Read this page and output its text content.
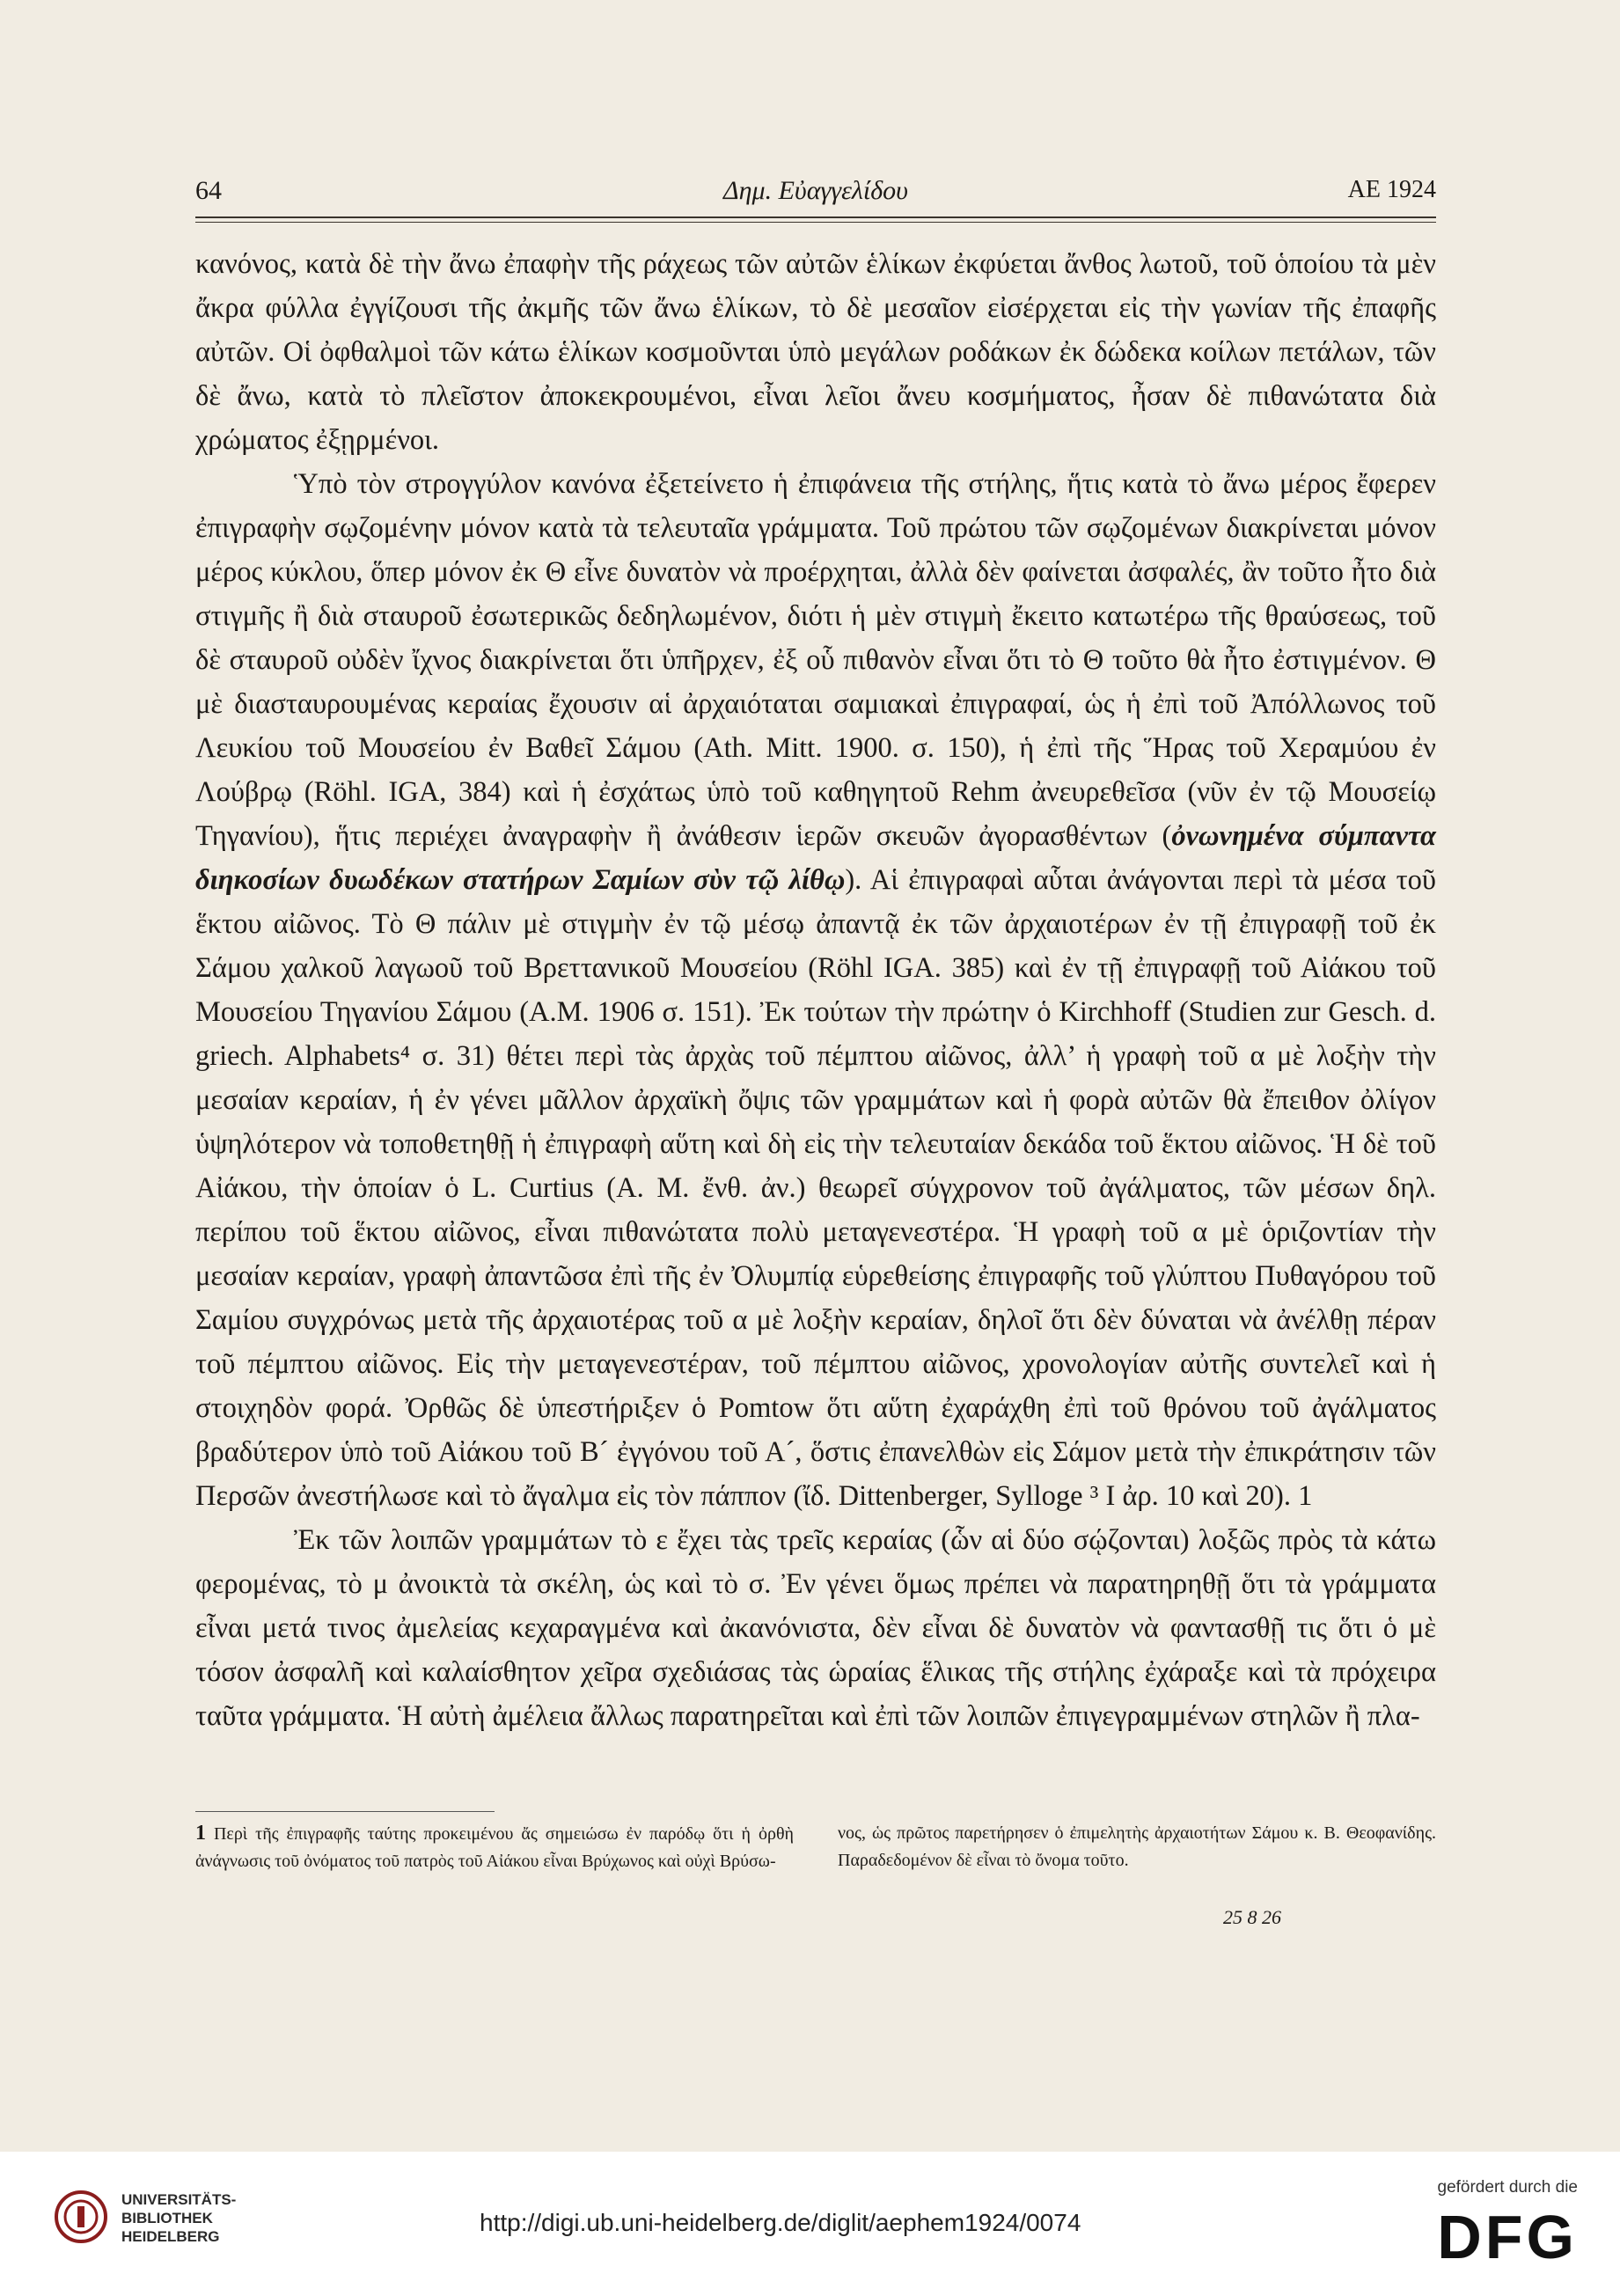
64	Δημ. Εὐαγγελίδου	ΑΕ 1924

κανόνος, κατὰ δὲ τὴν ἄνω ἐπαφὴν τῆς ράχεως τῶν αὐτῶν ἑλίκων ἐκφύεται ἄνθος λωτοῦ, τοῦ ὁποίου τὰ μὲν ἄκρα φύλλα ἐγγίζουσι τῆς ἀκμῆς τῶν ἄνω ἑλίκων, τὸ δὲ μεσαῖον εἰσέρχεται εἰς τὴν γωνίαν τῆς ἐπαφῆς αὐτῶν. Οἱ ὀφθαλμοὶ τῶν κάτω ἑλίκων κοσμοῦνται ὑπὸ μεγάλων ροδάκων ἐκ δώδεκα κοίλων πετάλων, τῶν δὲ ἄνω, κατὰ τὸ πλεῖστον ἀποκεκρουμένοι, εἶναι λεῖοι ἄνευ κοσμήματος, ἦσαν δὲ πιθανώτατα διὰ χρώματος ἐξῃρμένοι.

Ὑπὸ τὸν στρογγύλον κανόνα ἐξετείνετο ἡ ἐπιφάνεια τῆς στήλης, ἥτις κατὰ τὸ ἄνω μέρος ἔφερεν ἐπιγραφὴν σῳζομένην μόνον κατὰ τὰ τελευταῖα γράμματα. Τοῦ πρώτου τῶν σῳζομένων διακρίνεται μόνον μέρος κύκλου, ὅπερ μόνον ἐκ Θ εἶνε δυνατὸν νὰ προέρχηται, ἀλλὰ δὲν φαίνεται ἀσφαλές, ἂν τοῦτο ἦτο διὰ στιγμῆς ἢ διὰ σταυροῦ ἐσωτερικῶς δεδηλωμένον, διότι ἡ μὲν στιγμὴ ἔκειτο κατωτέρω τῆς θραύσεως, τοῦ δὲ σταυροῦ οὐδὲν ἴχνος διακρίνεται ὅτι ὑπῆρχεν, ἐξ οὗ πιθανὸν εἶναι ὅτι τὸ Θ τοῦτο θὰ ἦτο ἐστιγμένον. Θ μὲ διασταυρουμένας κεραίας ἔχουσιν αἱ ἀρχαιόταται σαμιακαὶ ἐπιγραφαί, ὡς ἡ ἐπὶ τοῦ Ἀπόλλωνος τοῦ Λευκίου τοῦ Μουσείου ἐν Βαθεῖ Σάμου (Ath. Mitt. 1900. σ. 150), ἡ ἐπὶ τῆς Ἥρας τοῦ Χεραμύου ἐν Λούβρῳ (Röhl. IGA, 384) καὶ ἡ ἐσχάτως ὑπὸ τοῦ καθηγητοῦ Rehm ἀνευρεθεῖσα (νῦν ἐν τῷ Μουσείῳ Τηγανίου), ἥτις περιέχει ἀναγραφὴν ἢ ἀνάθεσιν ἱερῶν σκευῶν ἀγορασθέντων (ὀνωνημένα σύμπαντα διηκοσίων δυωδέκων στατήρων Σαμίων σὺν τῷ λίθῳ). Αἱ ἐπιγραφαὶ αὗται ἀνάγονται περὶ τὰ μέσα τοῦ ἕκτου αἰῶνος. Τὸ Θ πάλιν μὲ στιγμὴν ἐν τῷ μέσῳ ἀπαντᾷ ἐκ τῶν ἀρχαιοτέρων ἐν τῇ ἐπιγραφῇ τοῦ ἐκ Σάμου χαλκοῦ λαγωοῦ τοῦ Βρεττανικοῦ Μουσείου (Röhl IGA. 385) καὶ ἐν τῇ ἐπιγραφῇ τοῦ Αἰάκου τοῦ Μουσείου Τηγανίου Σάμου (A.M. 1906 σ. 151). Ἐκ τούτων τὴν πρώτην ὁ Kirchhoff (Studien zur Gesch. d. griech. Alphabets⁴ σ. 31) θέτει περὶ τὰς ἀρχὰς τοῦ πέμπτου αἰῶνος, ἀλλ’ ἡ γραφὴ τοῦ α μὲ λοξὴν τὴν μεσαίαν κεραίαν, ἡ ἐν γένει μᾶλλον ἀρχαϊκὴ ὄψις τῶν γραμμάτων καὶ ἡ φορὰ αὐτῶν θὰ ἔπειθον ὀλίγον ὑψηλότερον νὰ τοποθετηθῇ ἡ ἐπιγραφὴ αὕτη καὶ δὴ εἰς τὴν τελευταίαν δεκάδα τοῦ ἕκτου αἰῶνος. Ἡ δὲ τοῦ Αἰάκου, τὴν ὁποίαν ὁ L. Curtius (A. M. ἔνθ. ἀν.) θεωρεῖ σύγχρονον τοῦ ἀγάλματος, τῶν μέσων δηλ. περίπου τοῦ ἕκτου αἰῶνος, εἶναι πιθανώτατα πολὺ μεταγενεστέρα. Ἡ γραφὴ τοῦ α μὲ ὁριζοντίαν τὴν μεσαίαν κεραίαν, γραφὴ ἀπαντῶσα ἐπὶ τῆς ἐν Ὀλυμπίᾳ εὑρεθείσης ἐπιγραφῆς τοῦ γλύπτου Πυθαγόρου τοῦ Σαμίου συγχρόνως μετὰ τῆς ἀρχαιοτέρας τοῦ α μὲ λοξὴν κεραίαν, δηλοῖ ὅτι δὲν δύναται νὰ ἀνέλθῃ πέραν τοῦ πέμπτου αἰῶνος. Εἰς τὴν μεταγενεστέραν, τοῦ πέμπτου αἰῶνος, χρονολογίαν αὐτῆς συντελεῖ καὶ ἡ στοιχηδὸν φορά. Ὀρθῶς δὲ ὑπεστήριξεν ὁ Pomtow ὅτι αὕτη ἐχαράχθη ἐπὶ τοῦ θρόνου τοῦ ἀγάλματος βραδύτερον ὑπὸ τοῦ Αἰάκου τοῦ Β´ ἐγγόνου τοῦ Α´, ὅστις ἐπανελθὼν εἰς Σάμον μετὰ τὴν ἐπικράτησιν τῶν Περσῶν ἀνεστήλωσε καὶ τὸ ἄγαλμα εἰς τὸν πάππον (ἴδ. Dittenberger, Sylloge ³ I ἀρ. 10 καὶ 20). 1

Ἐκ τῶν λοιπῶν γραμμάτων τὸ ε ἔχει τὰς τρεῖς κεραίας (ὧν αἱ δύο σῴζονται) λοξῶς πρὸς τὰ κάτω φερομένας, τὸ μ ἀνοικτὰ τὰ σκέλη, ὡς καὶ τὸ σ. Ἐν γένει ὅμως πρέπει νὰ παρατηρηθῇ ὅτι τὰ γράμματα εἶναι μετά τινος ἀμελείας κεχαραγμένα καὶ ἀκανόνιστα, δὲν εἶναι δὲ δυνατὸν νὰ φαντασθῇ τις ὅτι ὁ μὲ τόσον ἀσφαλῆ καὶ καλαίσθητον χεῖρα σχεδιάσας τὰς ὡραίας ἕλικας τῆς στήλης ἐχάραξε καὶ τὰ πρόχειρα ταῦτα γράμματα. Ἡ αὐτὴ ἀμέλεια ἄλλως παρατηρεῖται καὶ ἐπὶ τῶν λοιπῶν ἐπιγεγραμμένων στηλῶν ἢ πλα-

1 Περὶ τῆς ἐπιγραφῆς ταύτης προκειμένου ἄς σημειώσω ἐν παρόδῳ ὅτι ἡ ὀρθὴ ἀνάγνωσις τοῦ ὀνόματος τοῦ πατρὸς τοῦ Αἰάκου εἶναι Βρύχωνος καὶ οὐχὶ Βρύσω-
νος, ὡς πρῶτος παρετήρησεν ὁ ἐπιμελητὴς ἀρχαιοτήτων Σάμου κ. Β. Θεοφανίδης. Παραδεδομένον δὲ εἶναι τὸ ὄνομα τοῦτο.
25 8 26
UNIVERSITÄTS-
BIBLIOTHEK
HEIDELBERG
http://digi.ub.uni-heidelberg.de/diglit/aephem1924/0074
gefördert durch die
DFG
